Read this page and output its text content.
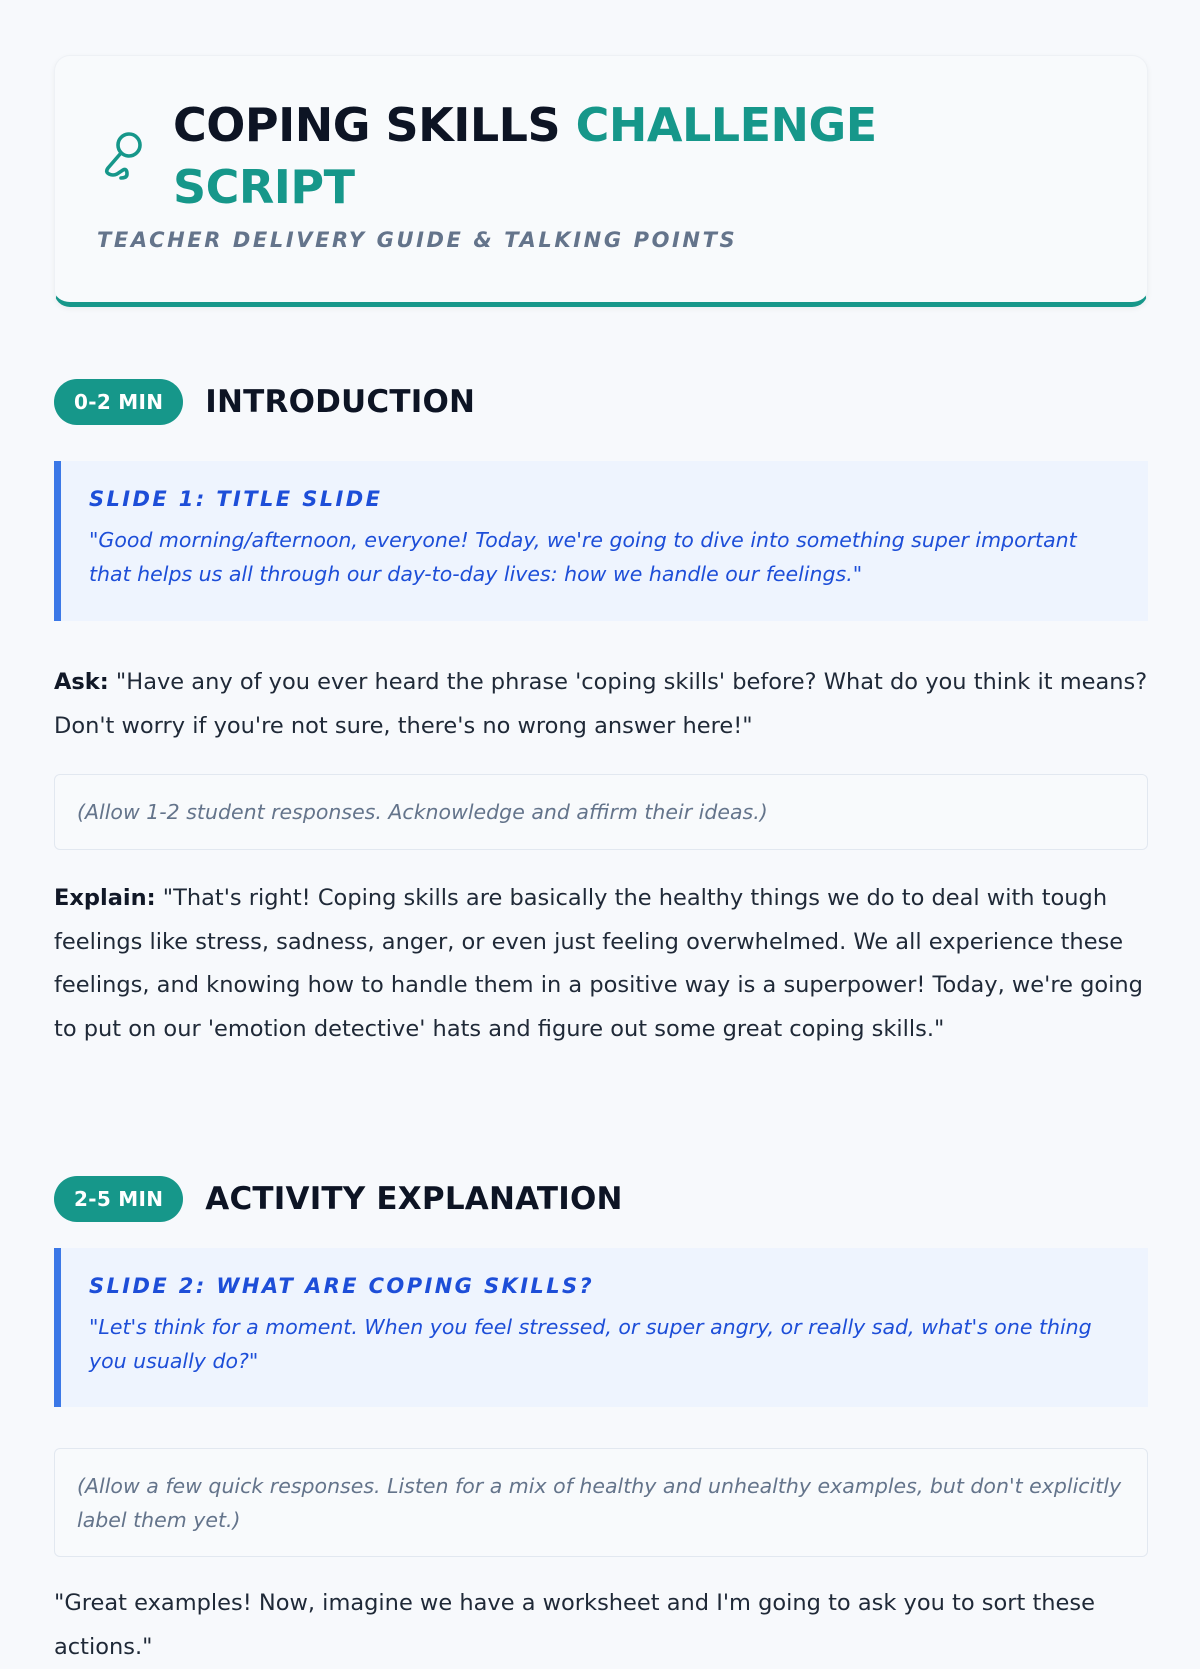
COPING SKILLS CHALLENGE SCRIPT
TEACHER DELIVERY GUIDE & TALKING POINTS
0-2 MIN	INTRODUCTION
SLIDE 1: TITLE SLIDE
"Good morning/afternoon, everyone! Today, we're going to dive into something super important that helps us all through our day-to-day lives: how we handle our feelings."

Ask: "Have any of you ever heard the phrase 'coping skills' before? What do you think it means? Don't worry if you're not sure, there's no wrong answer here!"

(Allow 1-2 student responses. Acknowledge and affirm their ideas.)

Explain: "That's right! Coping skills are basically the healthy things we do to deal with tough feelings like stress, sadness, anger, or even just feeling overwhelmed. We all experience these feelings, and knowing how to handle them in a positive way is a superpower! Today, we're going to put on our 'emotion detective' hats and figure out some great coping skills."

2-5 MIN	ACTIVITY EXPLANATION
SLIDE 2: WHAT ARE COPING SKILLS?
"Let's think for a moment. When you feel stressed, or super angry, or really sad, what's one thing you usually do?"
(Allow a few quick responses. Listen for a mix of healthy and unhealthy examples, but don't explicitly label them yet.)

"Great examples! Now, imagine we have a worksheet and I'm going to ask you to sort these actions."
